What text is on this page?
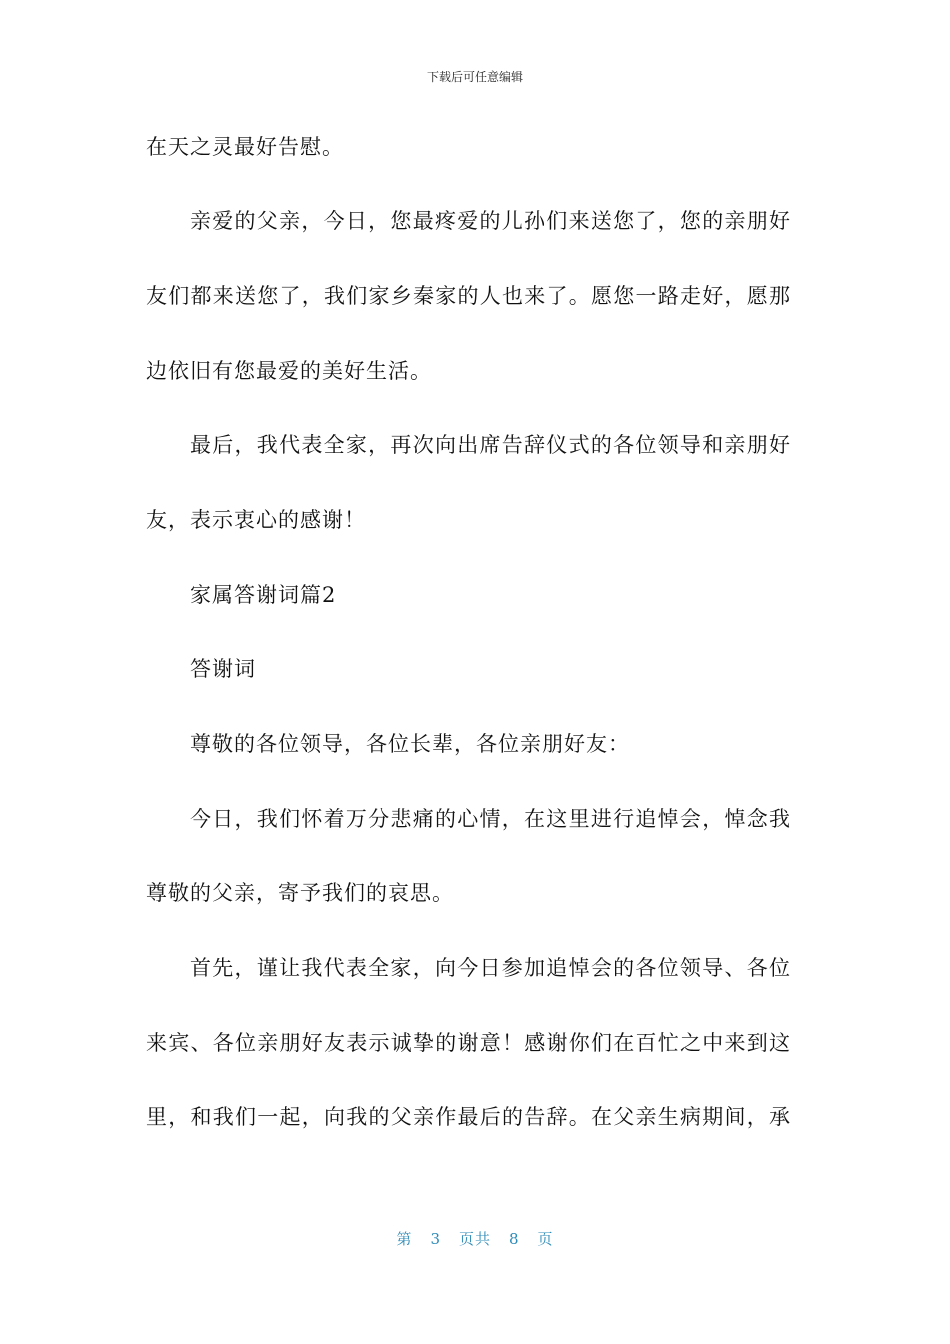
下载后可任意编辑
在天之灵最好告慰。
亲爱的父亲，今日，您最疼爱的儿孙们来送您了，您的亲朋好
友们都来送您了，我们家乡秦家的人也来了。愿您一路走好，愿那
边依旧有您最爱的美好生活。
最后，我代表全家，再次向出席告辞仪式的各位领导和亲朋好
友，表示衷心的感谢！
家属答谢词篇2
答谢词
尊敬的各位领导，各位长辈，各位亲朋好友：
今日，我们怀着万分悲痛的心情，在这里进行追悼会，悼念我
尊敬的父亲，寄予我们的哀思。
首先，谨让我代表全家，向今日参加追悼会的各位领导、各位
来宾、各位亲朋好友表示诚挚的谢意！感谢你们在百忙之中来到这
里，和我们一起，向我的父亲作最后的告辞。在父亲生病期间，承
第 3 页共 8 页
